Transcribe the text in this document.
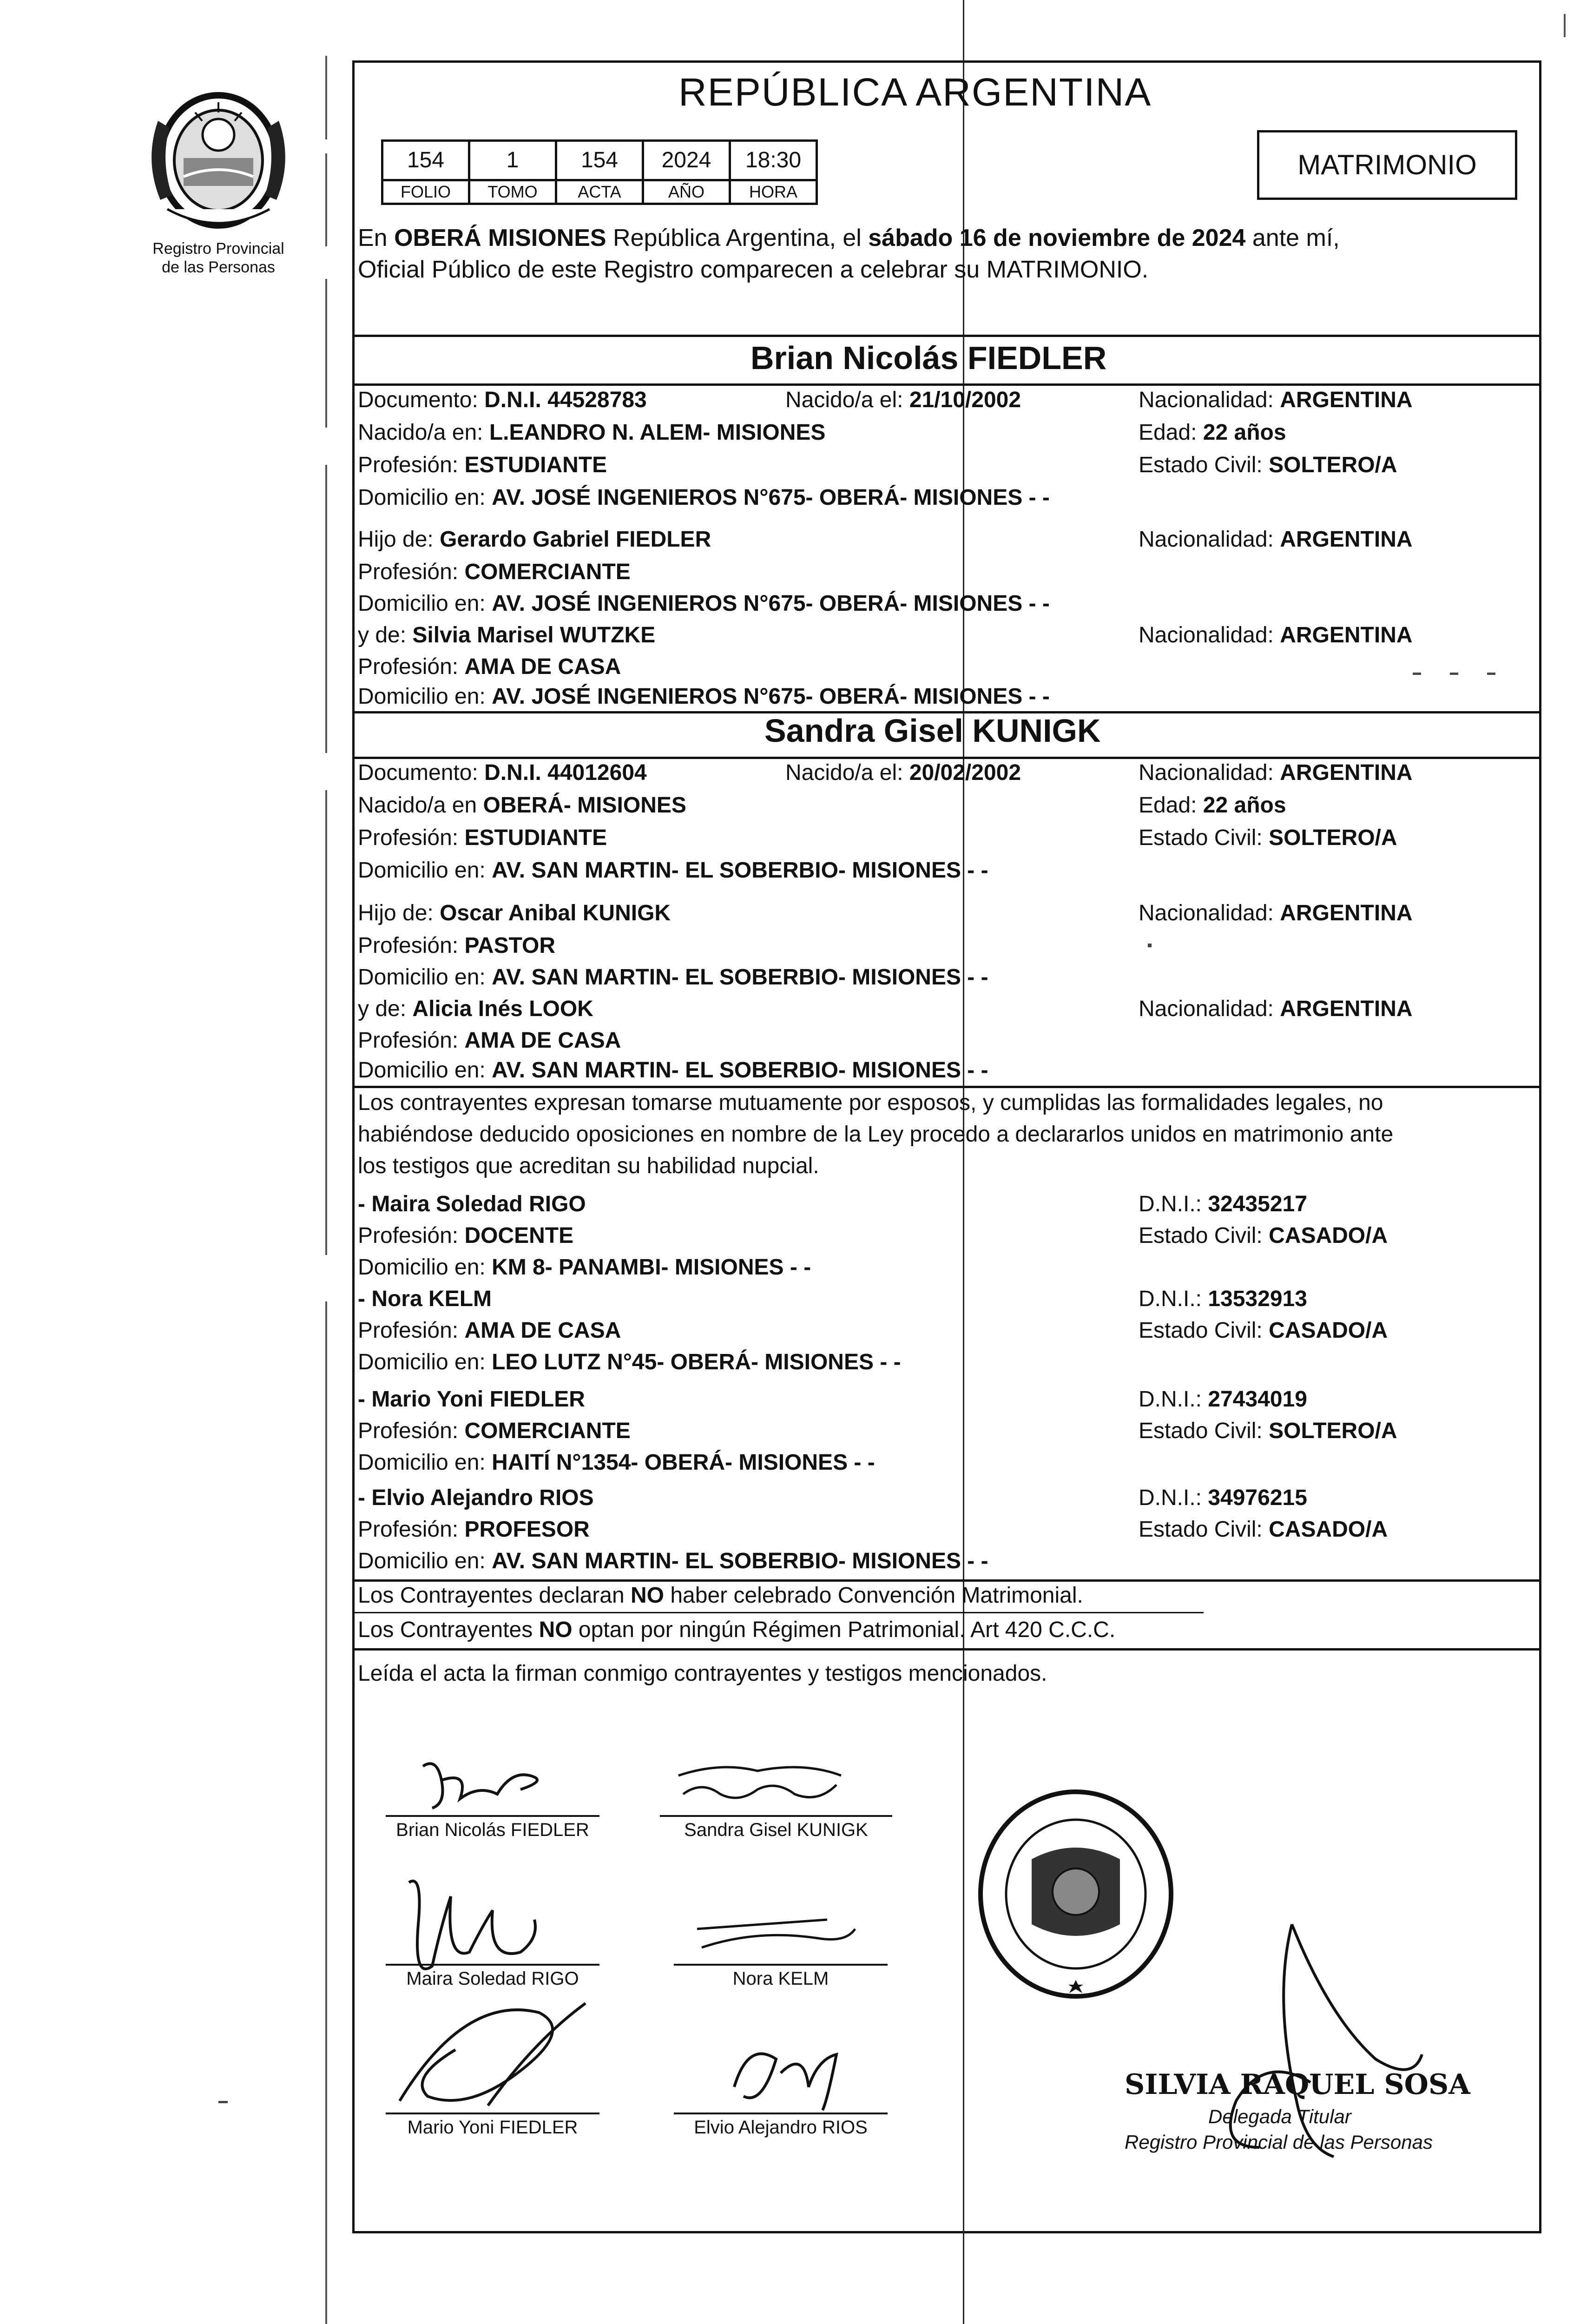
Registro Provincial
de las Personas
REPÚBLICA ARGENTINA
154	1	154	2024	18:30
FOLIO	TOMO	ACTA	AÑO	HORA
MATRIMONIO
En OBERÁ MISIONES República Argentina, el sábado 16 de noviembre de 2024 ante mí,
Oficial Público de este Registro comparecen a celebrar su MATRIMONIO.
Brian Nicolás FIEDLER
Documento: D.N.I. 44528783	Nacido/a el: 21/10/2002	Nacionalidad: ARGENTINA
Nacido/a en: L.EANDRO N. ALEM- MISIONES	Edad: 22 años
Profesión: ESTUDIANTE	Estado Civil: SOLTERO/A
Domicilio en: AV. JOSÉ INGENIEROS N°675- OBERÁ- MISIONES - -
Hijo de: Gerardo Gabriel FIEDLER	Nacionalidad: ARGENTINA
Profesión: COMERCIANTE
Domicilio en: AV. JOSÉ INGENIEROS N°675- OBERÁ- MISIONES - -
y de: Silvia Marisel WUTZKE	Nacionalidad: ARGENTINA
Profesión: AMA DE CASA
Domicilio en: AV. JOSÉ INGENIEROS N°675- OBERÁ- MISIONES - -
Sandra Gisel KUNIGK
Documento: D.N.I. 44012604	Nacido/a el: 20/02/2002	Nacionalidad: ARGENTINA
Nacido/a en OBERÁ- MISIONES	Edad: 22 años
Profesión: ESTUDIANTE	Estado Civil: SOLTERO/A
Domicilio en: AV. SAN MARTIN- EL SOBERBIO- MISIONES - -
Hijo de: Oscar Anibal KUNIGK	Nacionalidad: ARGENTINA
Profesión: PASTOR
Domicilio en: AV. SAN MARTIN- EL SOBERBIO- MISIONES - -
y de: Alicia Inés LOOK	Nacionalidad: ARGENTINA
Profesión: AMA DE CASA
Domicilio en: AV. SAN MARTIN- EL SOBERBIO- MISIONES - -
Los contrayentes expresan tomarse mutuamente por esposos, y cumplidas las formalidades legales, no
habiéndose deducido oposiciones en nombre de la Ley procedo a declararlos unidos en matrimonio ante
los testigos que acreditan su habilidad nupcial.
- Maira Soledad RIGO	D.N.I.: 32435217
Profesión: DOCENTE	Estado Civil: CASADO/A
Domicilio en: KM 8- PANAMBI- MISIONES - -
- Nora KELM	D.N.I.: 13532913
Profesión: AMA DE CASA	Estado Civil: CASADO/A
Domicilio en: LEO LUTZ N°45- OBERÁ- MISIONES - -
- Mario Yoni FIEDLER	D.N.I.: 27434019
Profesión: COMERCIANTE	Estado Civil: SOLTERO/A
Domicilio en: HAITÍ N°1354- OBERÁ- MISIONES - -
- Elvio Alejandro RIOS	D.N.I.: 34976215
Profesión: PROFESOR	Estado Civil: CASADO/A
Domicilio en: AV. SAN MARTIN- EL SOBERBIO- MISIONES - -
Los Contrayentes declaran NO haber celebrado Convención Matrimonial.
Los Contrayentes NO optan por ningún Régimen Patrimonial. Art 420 C.C.C.
Leída el acta la firman conmigo contrayentes y testigos mencionados.
Brian Nicolás FIEDLER	Sandra Gisel KUNIGK
Maira Soledad RIGO	Nora KELM
Mario Yoni FIEDLER	Elvio Alejandro RIOS
SILVIA RAQUEL SOSA
Delegada Titular
Registro Provincial de las Personas
